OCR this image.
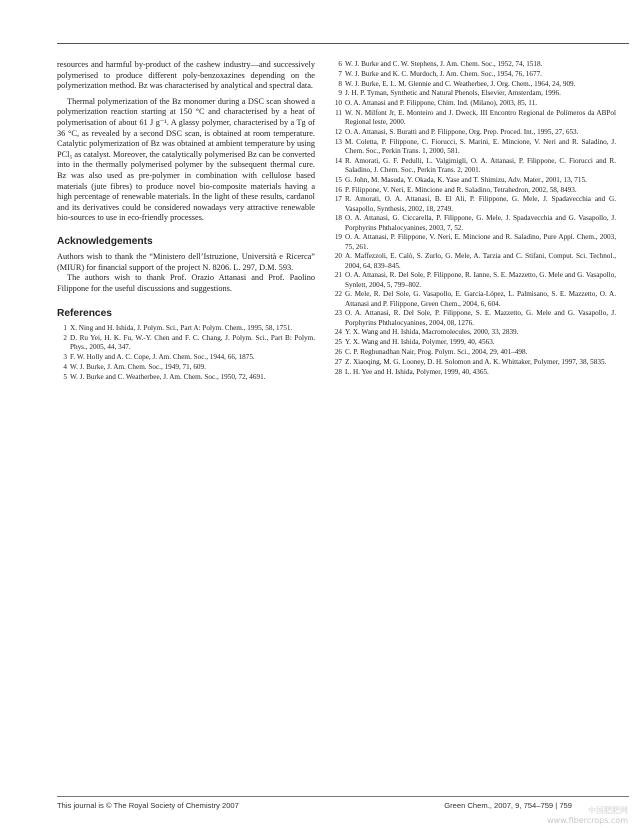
resources and harmful by-product of the cashew industry—and successively polymerised to produce different poly-benzoxazines depending on the polymerization method. Bz was characterised by analytical and spectral data.

Thermal polymerization of the Bz monomer during a DSC scan showed a polymerization reaction starting at 150 °C and characterised by a heat of polymerisation of about 61 J g⁻¹. A glassy polymer, characterised by a Tg of 36 °C, as revealed by a second DSC scan, is obtained at room temperature. Catalytic polymerization of Bz was obtained at ambient temperature by using PCl₅ as catalyst. Moreover, the catalytically polymerised Bz can be converted into in the thermally polymerised polymer by the subsequent thermal cure. Bz was also used as pre-polymer in combination with cellulose based materials (jute fibres) to produce novel bio-composite materials having a high percentage of renewable materials. In the light of these results, cardanol and its derivatives could be considered nowadays very attractive renewable bio-sources to use in eco-friendly processes.

Acknowledgements

Authors wish to thank the “Ministero dell’Istruzione, Università e Ricerca” (MIUR) for financial support of the project N. 8206. L. 297, D.M. 593.

The authors wish to thank Prof. Orazio Attanasi and Prof. Paolino Filippone for the useful discussions and suggestions.

References
1 X. Ning and H. Ishida, J. Polym. Sci., Part A: Polym. Chem., 1995, 58, 1751.
2 D. Ru Yei, H. K. Fu, W.-Y. Chen and F. C. Chang, J. Polym. Sci., Part B: Polym. Phys., 2005, 44, 347.
3 F. W. Holly and A. C. Cope, J. Am. Chem. Soc., 1944, 66, 1875.
4 W. J. Burke, J. Am. Chem. Soc., 1949, 71, 609.
5 W. J. Burke and C. Weatherbee, J. Am. Chem. Soc., 1950, 72, 4691.
6 W. J. Burke and C. W. Stephens, J. Am. Chem. Soc., 1952, 74, 1518.
7 W. J. Burke and K. C. Murdoch, J. Am. Chem. Soc., 1954, 76, 1677.
8 W. J. Burke, E. L. M. Glennie and C. Weatherbee, J. Org. Chem., 1964, 24, 909.
9 J. H. P. Tyman, Synthetic and Natural Phenols, Elsevier, Amsterdam, 1996.
10 O. A. Attanasi and P. Filippone, Chim. Ind. (Milano), 2003, 85, 11.
11 W. N. Milfont Jr, E. Monteiro and J. Dweck, III Encontro Regional de Polímeros da ABPol Regional leste, 2000.
12 O. A. Attanasi, S. Buratti and P. Filippone, Org. Prep. Proced. Int., 1995, 27, 653.
13 M. Coletta, P. Filippone, C. Fiorucci, S. Marini, E. Mincione, V. Neri and R. Saladino, J. Chem. Soc., Perkin Trans. 1, 2000, 581.
14 R. Amorati, G. F. Pedulli, L. Valgimigli, O. A. Attanasi, P. Filippone, C. Fiorucci and R. Saladino, J. Chem. Soc., Perkin Trans. 2, 2001.
15 G. John, M. Masuda, Y. Okada, K. Yase and T. Shimizu, Adv. Mater., 2001, 13, 715.
16 P. Filippone, V. Neri, E. Mincione and R. Saladino, Tetrahedron, 2002, 58, 8493.
17 R. Amorati, O. A. Attanasi, B. El Ali, P. Filippone, G. Mele, J. Spadavecchia and G. Vasapollo, Synthesis, 2002, 18, 2749.
18 O. A. Attanasi, G. Ciccarella, P. Filippone, G. Mele, J. Spadavecchia and G. Vasapollo, J. Porphyrins Phthalocyanines, 2003, 7, 52.
19 O. A. Attanasi, P. Filippone, V. Neri, E. Mincione and R. Saladino, Pure Appl. Chem., 2003, 75, 261.
20 A. Maffezzoli, E. Calò, S. Zurlo, G. Mele, A. Tarzia and C. Stifani, Comput. Sci. Technol., 2004, 64, 839–845.
21 O. A. Attanasi, R. Del Sole, P. Filippone, R. Ianne, S. E. Mazzetto, G. Mele and G. Vasapollo, Synlett, 2004, 5, 799–802.
22 G. Mele, R. Del Sole, G. Vasapollo, E. García-López, L. Palmisano, S. E. Mazzetto, O. A. Attanasi and P. Filippone, Green Chem., 2004, 6, 604.
23 O. A. Attanasi, R. Del Sole, P. Filippone, S. E. Mazzetto, G. Mele and G. Vasapollo, J. Porphyrins Phthalocyanines, 2004, 08, 1276.
24 Y. X. Wang and H. Ishida, Macromolecules, 2000, 33, 2839.
25 Y. X. Wang and H. Ishida, Polymer, 1999, 40, 4563.
26 C. P. Reghunadhan Nair, Prog. Polym. Sci., 2004, 29, 401–498.
27 Z. Xiaoqing, M. G. Looney, D. H. Solomon and A. K. Whittaker, Polymer, 1997, 38, 5835.
28 L. H. Yee and H. Ishida, Polymer, 1999, 40, 4365.
This journal is © The Royal Society of Chemistry 2007	Green Chem., 2007, 9, 754–759 | 759
中国肥肥网
www.fibercrops.com
